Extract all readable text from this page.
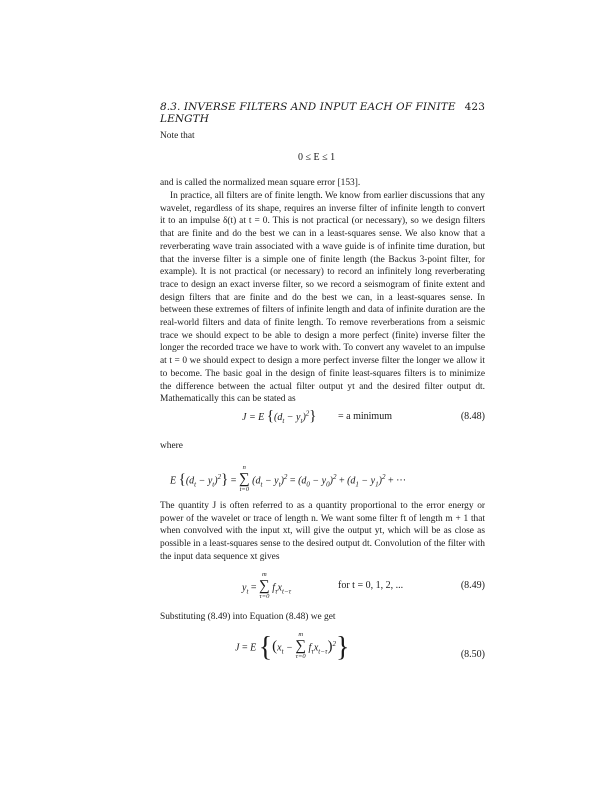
8.3. INVERSE FILTERS AND INPUT EACH OF FINITE LENGTH
423

Note that

0 ≤ E ≤ 1

and is called the normalized mean square error [153].

In practice, all filters are of finite length. We know from earlier discussions that any wavelet, regardless of its shape, requires an inverse filter of infinite length to convert it to an impulse δ(t) at t = 0. This is not practical (or necessary), so we design filters that are finite and do the best we can in a least-squares sense. We also know that a reverberating wave train associated with a wave guide is of infinite time duration, but that the inverse filter is a simple one of finite length (the Backus 3-point filter, for example). It is not practical (or necessary) to record an infinitely long reverberating trace to design an exact inverse filter, so we record a seismogram of finite extent and design filters that are finite and do the best we can, in a least-squares sense. In between these extremes of filters of infinite length and data of infinite duration are the real-world filters and data of finite length. To remove reverberations from a seismic trace we should expect to be able to design a more perfect (finite) inverse filter the longer the recorded trace we have to work with. To convert any wavelet to an impulse at t = 0 we should expect to design a more perfect inverse filter the longer we allow it to become. The basic goal in the design of finite least-squares filters is to minimize the difference between the actual filter output yt and the desired filter output dt. Mathematically this can be stated as

J = E $\{(d_t - y_t)^2\} = a$ minimum	(8.48)

where

E $\{(d_t - y_t)^2\}$ =
n
∑
t=0
$(d_t - y_t)^2 = (d_0 - y_0)^2 + (d_1 - y_1)^2$ + ···

The quantity J is often referred to as a quantity proportional to the error energy or power of the wavelet or trace of length n. We want some filter ft of length m + 1 that when convolved with the input xt, will give the output yt, which will be as close as possible in a least-squares sense to the desired output dt. Convolution of the filter with the input data sequence xt gives

$y_t$ =
m
∑
τ=0
$f_\tau x_{t-\tau}$
for t = 0, 1, 2, ...	(8.49)

Substituting (8.49) into Equation (8.48) we get

J = E {($x_t$ −
m
∑
τ=0
$f_\tau x_{t-\tau})^2$}	(8.50)
